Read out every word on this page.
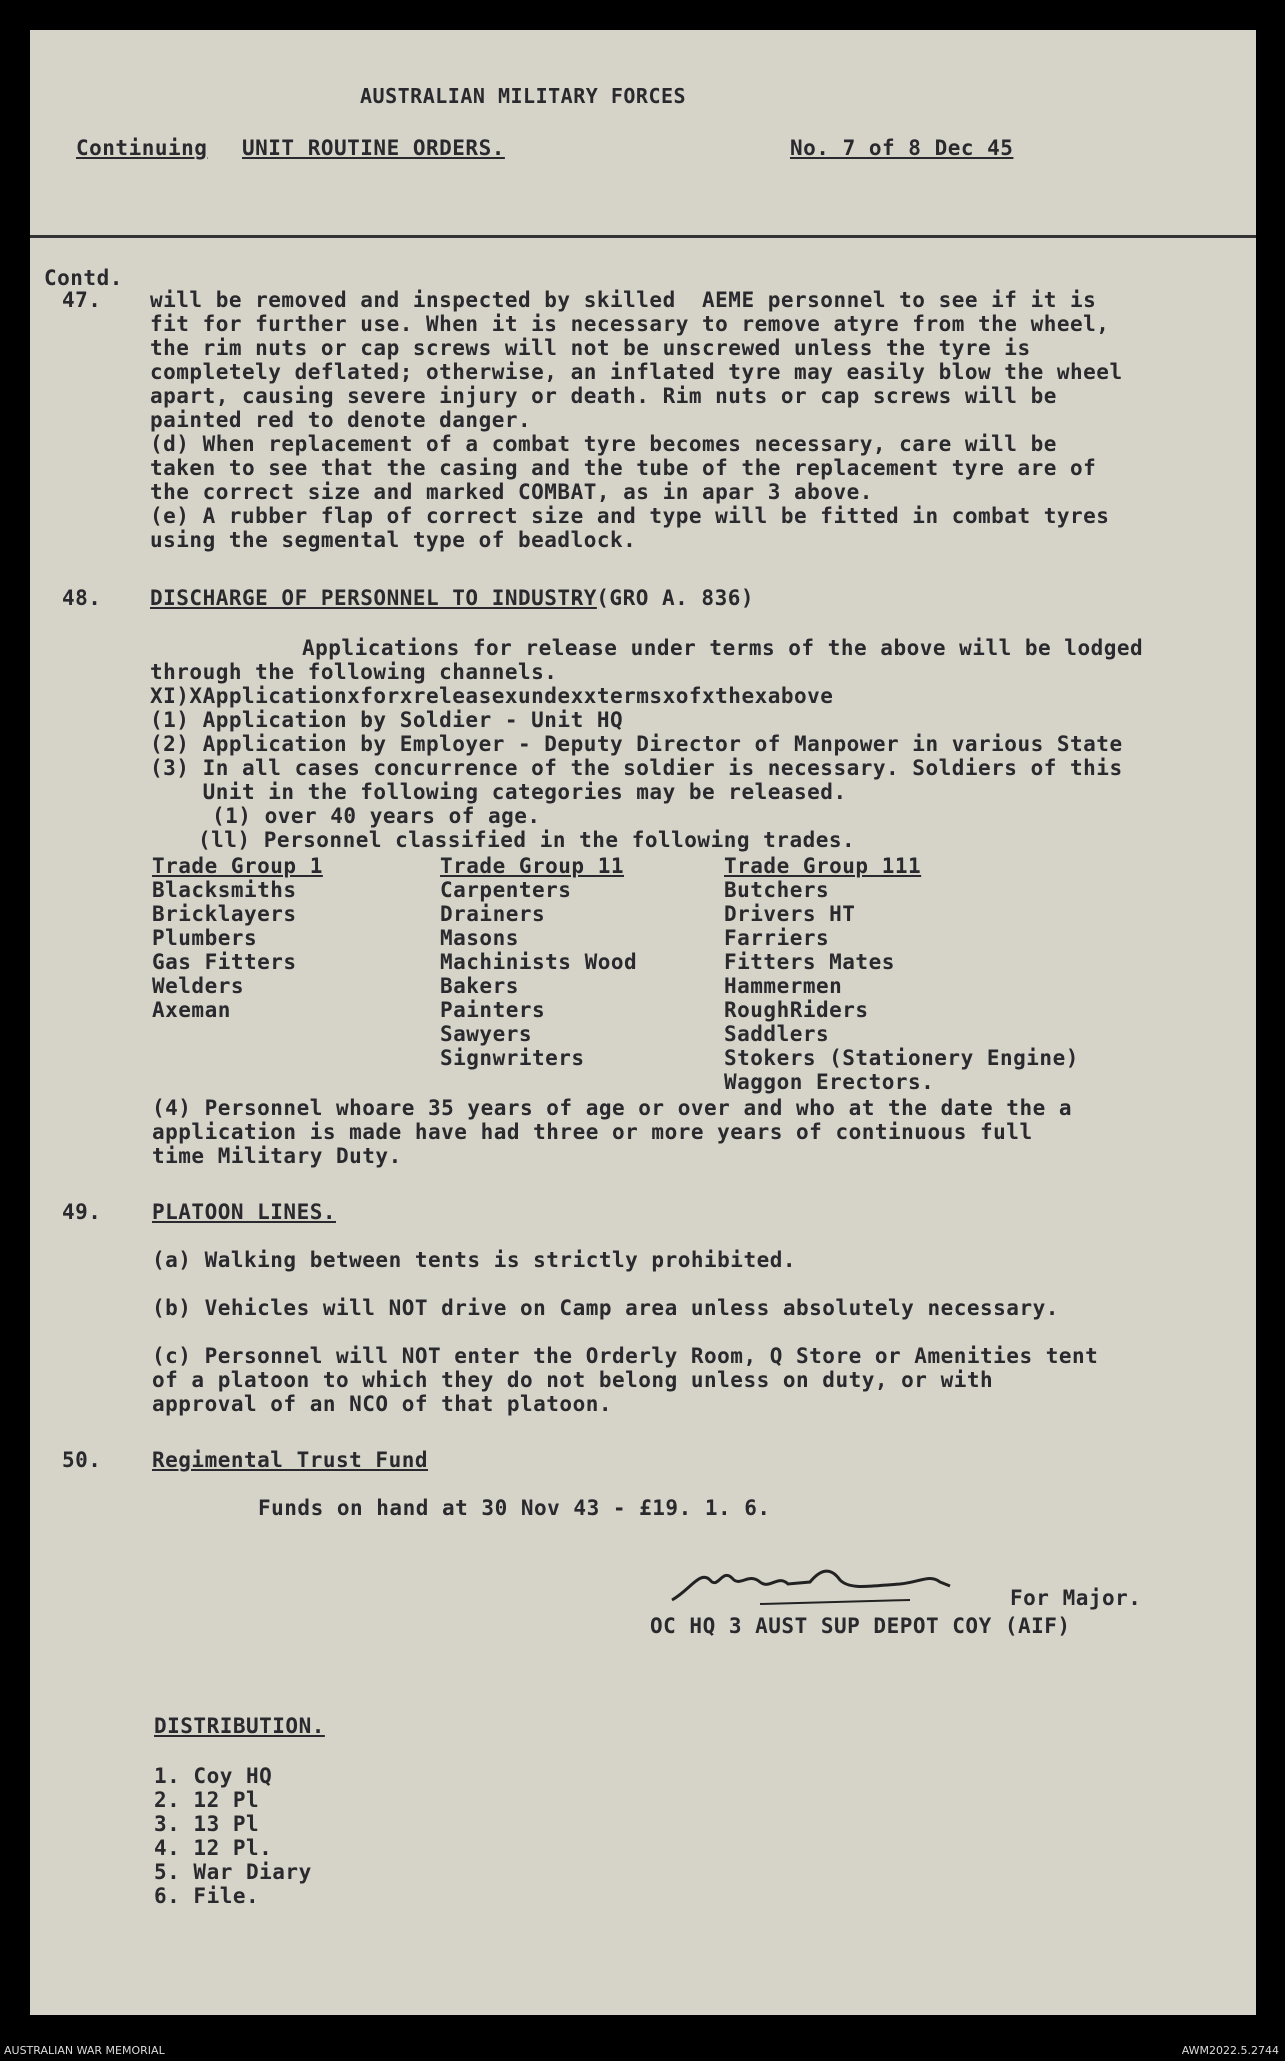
AUSTRALIAN MILITARY FORCES
Continuing UNIT ROUTINE ORDERS.	No. 7 of 8 Dec 45
Contd.
47. will be removed and inspected by skilled  AEME personnel to see if it is
fit for further use. When it is necessary to remove atyre from the wheel,
the rim nuts or cap screws will not be unscrewed unless the tyre is
completely deflated; otherwise, an inflated tyre may easily blow the wheel
apart, causing severe injury or death. Rim nuts or cap screws will be
painted red to denote danger.
(d) When replacement of a combat tyre becomes necessary, care will be
taken to see that the casing and the tube of the replacement tyre are of
the correct size and marked COMBAT, as in apar 3 above.
(e) A rubber flap of correct size and type will be fitted in combat tyres
using the segmental type of beadlock.
48. DISCHARGE OF PERSONNEL TO INDUSTRY
- (GRO A. 836)
Applications for release under terms of the above will be lodged
through the following channels.
XI)XApplicationxforxreleasexundexxtermsxofxthexabove
(1) Application by Soldier - Unit HQ
(2) Application by Employer - Deputy Director of Manpower in various State
(3) In all cases concurrence of the soldier is necessary. Soldiers of this
Unit in the following categories may be released.
(1) over 40 years of age.
(ll) Personnel classified in the following trades.
Trade Group 1
Blacksmiths
Bricklayers
Plumbers
Gas Fitters
Welders
Axeman
Trade Group 11
Carpenters
Drainers
Masons
Machinists Wood
Bakers
Painters
Sawyers
Signwriters
Trade Group 111
Butchers
Drivers HT
Farriers
Fitters Mates
Hammermen
RoughRiders
Saddlers
Stokers (Stationery Engine)
Waggon Erectors.
(4) Personnel whoare 35 years of age or over and who at the date the a
application is made have had three or more years of continuous full
time Military Duty.
49. PLATOON LINES.
(a) Walking between tents is strictly prohibited.
(b) Vehicles will NOT drive on Camp area unless absolutely necessary.
(c) Personnel will NOT enter the Orderly Room, Q Store or Amenities tent
of a platoon to which they do not belong unless on duty, or with
approval of an NCO of that platoon.
50. Regimental Trust Fund
Funds on hand at 30 Nov 43 - £19. 1. 6.
For Major.
OC HQ 3 AUST SUP DEPOT COY (AIF)
DISTRIBUTION.
1. Coy HQ
2. 12 Pl
3. 13 Pl
4. 12 Pl.
5. War Diary
6. File.
AUSTRALIAN WAR MEMORIAL	AWM2022.5.2744
